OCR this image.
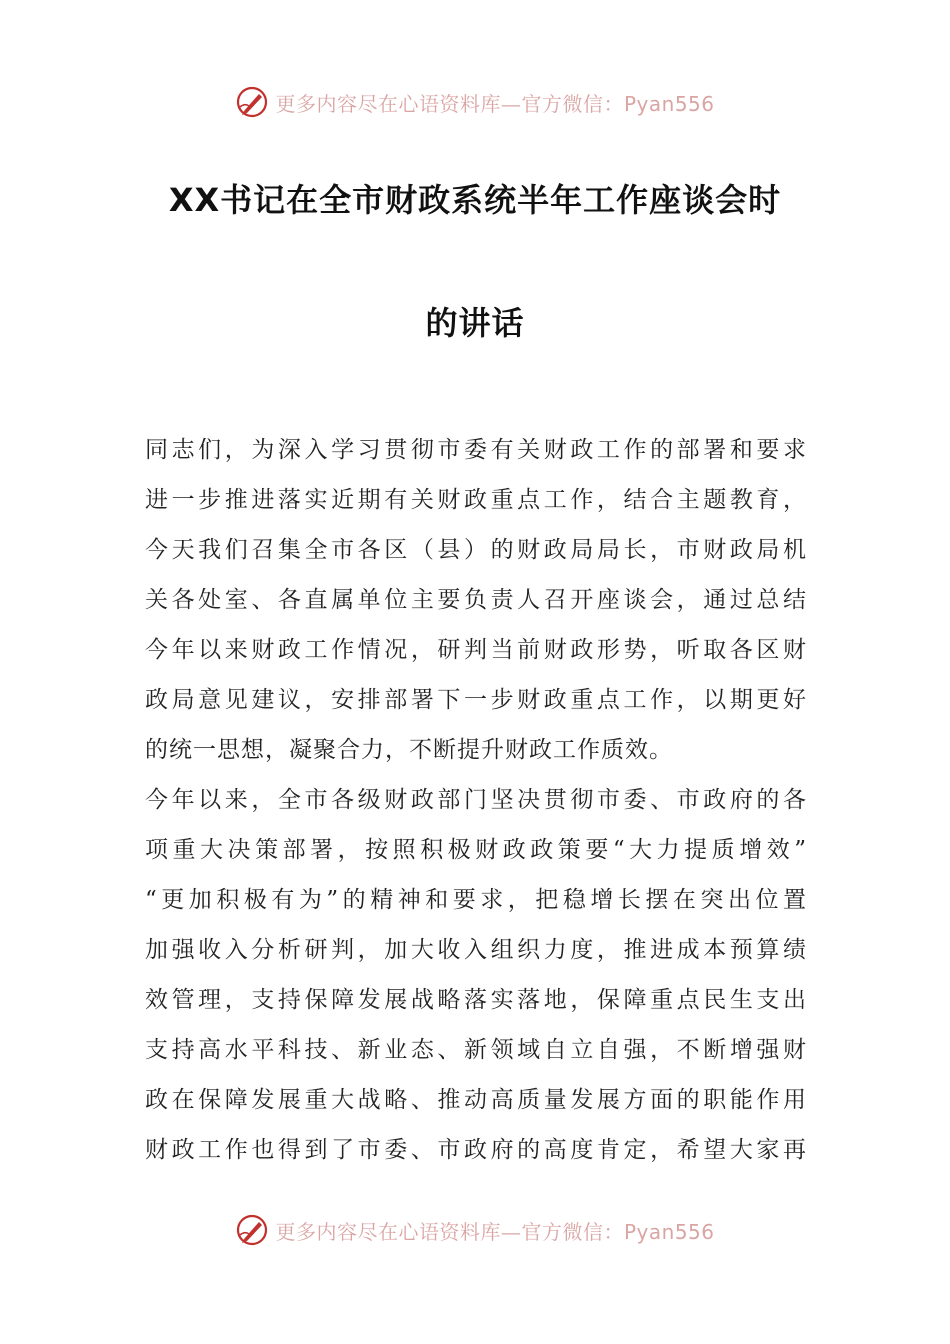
更多内容尽在心语资料库—官方微信：Pyan556
XX书记在全市财政系统半年工作座谈会时
的讲话
同志们，为深入学习贯彻市委有关财政工作的部署和要求
进一步推进落实近期有关财政重点工作，结合主题教育，
今天我们召集全市各区（县）的财政局局长，市财政局机
关各处室、各直属单位主要负责人召开座谈会，通过总结
今年以来财政工作情况，研判当前财政形势，听取各区财
政局意见建议，安排部署下一步财政重点工作，以期更好
的统一思想，凝聚合力，不断提升财政工作质效。
今年以来，全市各级财政部门坚决贯彻市委、市政府的各
项重大决策部署，按照积极财政政策要“大力提质增效”
“更加积极有为”的精神和要求，把稳增长摆在突出位置
加强收入分析研判，加大收入组织力度，推进成本预算绩
效管理，支持保障发展战略落实落地，保障重点民生支出
支持高水平科技、新业态、新领域自立自强，不断增强财
政在保障发展重大战略、推动高质量发展方面的职能作用
财政工作也得到了市委、市政府的高度肯定，希望大家再
更多内容尽在心语资料库—官方微信：Pyan556
